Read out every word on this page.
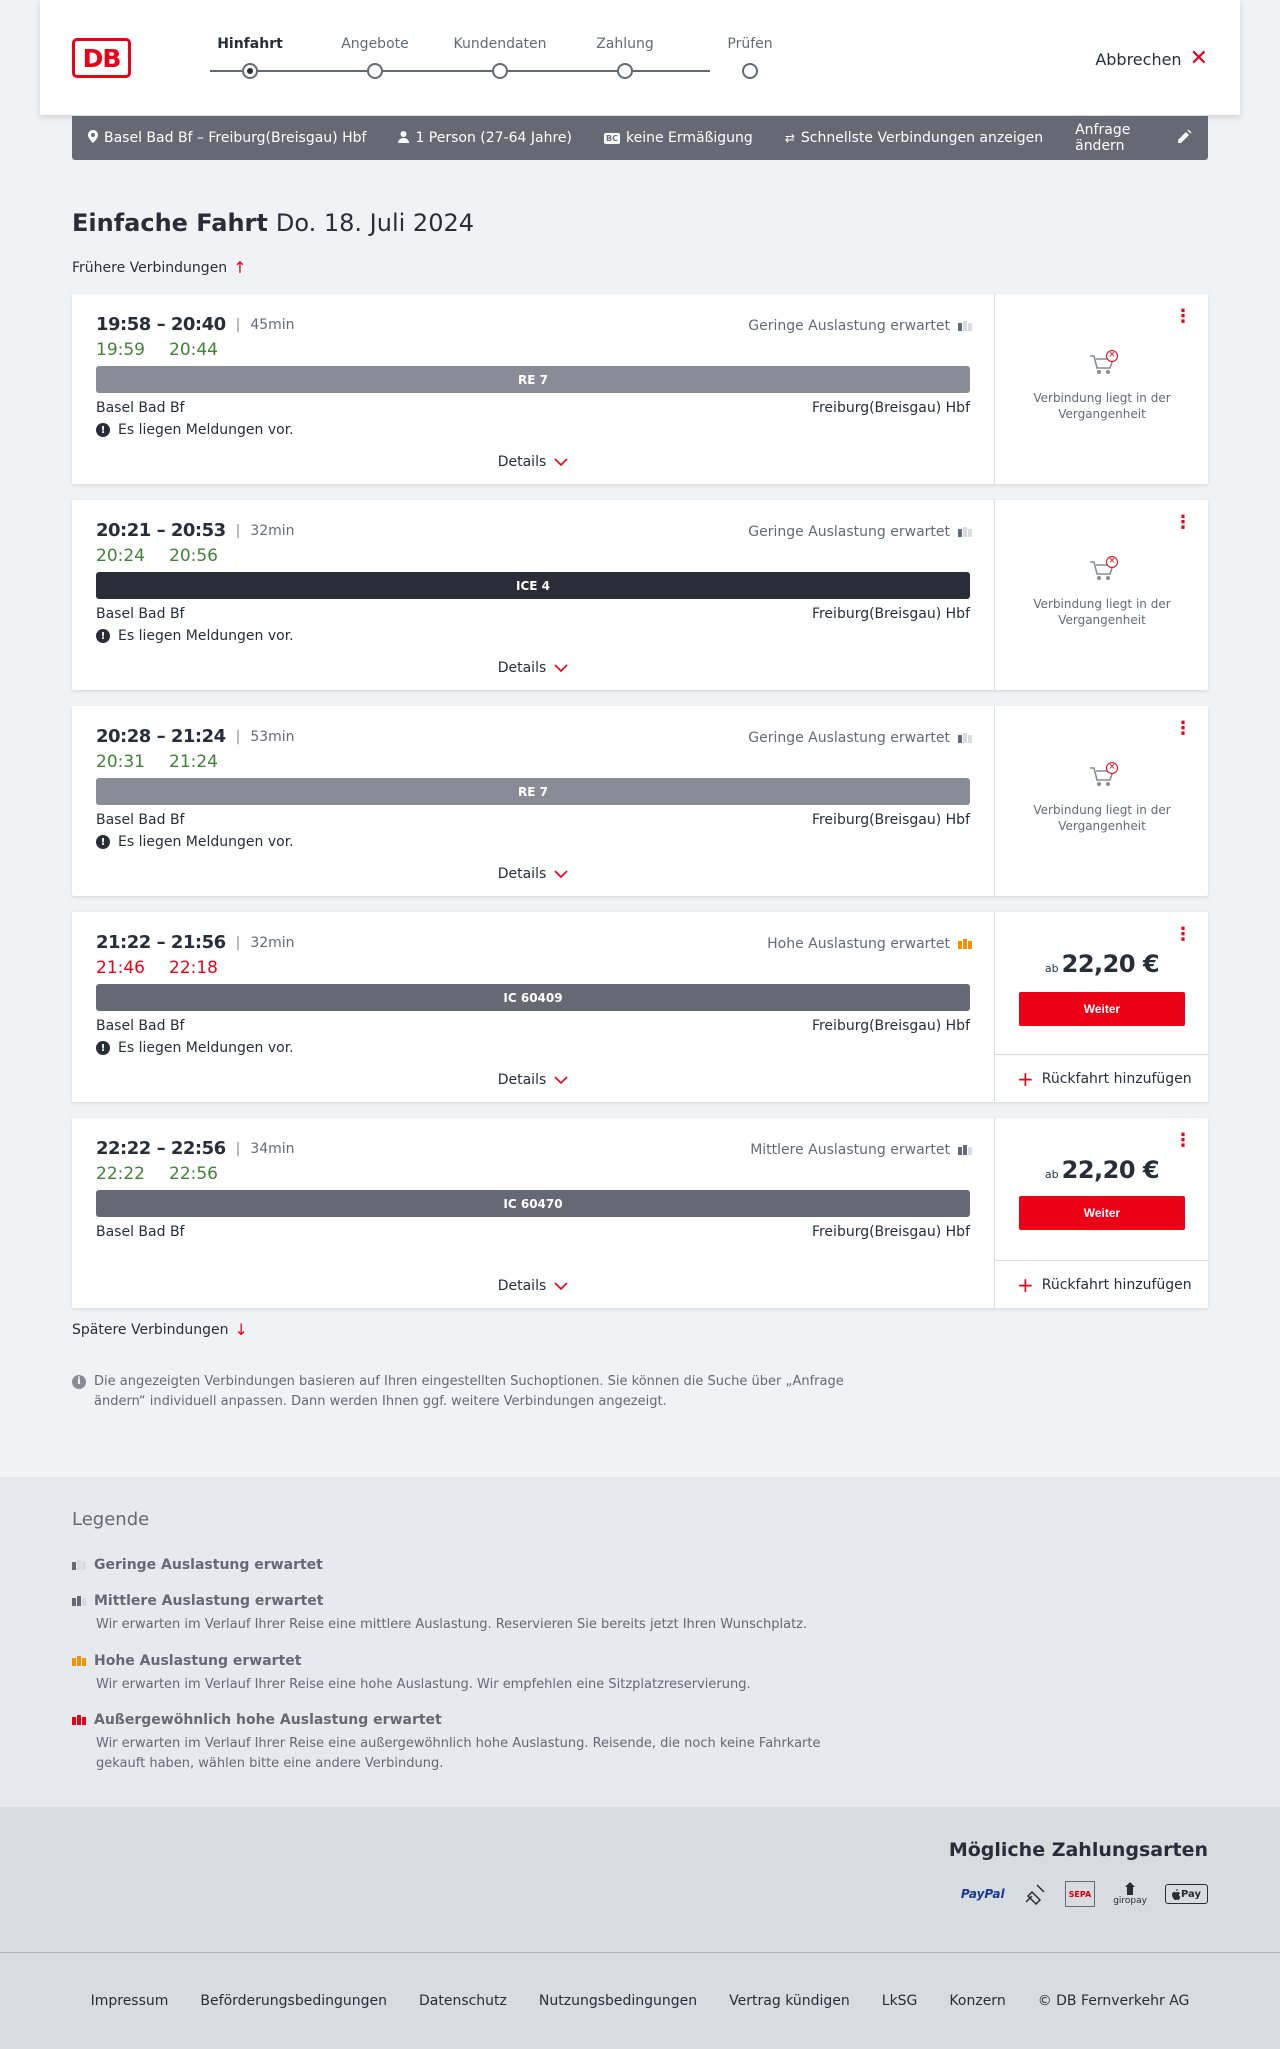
DB	Hinfahrt	Angebote	Kundendaten	Zahlung	Prüfen
Abbrechen ✕
Basel Bad Bf – Freiburg(Breisgau) Hbf	1 Person (27-64 Jahre)	BC keine Ermäßigung	⇄ Schnellste Verbindungen anzeigen Anfrage ändern
Einfache Fahrt Do. 18. Juli 2024
Frühere Verbindungen ↑
19:58 – 20:40 | 45min
19:59 20:44
Geringe Auslastung erwartet
RE 7
Basel Bad Bf	Freiburg(Breisgau) Hbf
! Es liegen Meldungen vor.
Details
⋮
×
Verbindung liegt in der Vergangenheit
20:21 – 20:53 | 32min
20:24 20:56
Geringe Auslastung erwartet
ICE 4
Basel Bad Bf	Freiburg(Breisgau) Hbf
! Es liegen Meldungen vor.
Details
⋮
×
Verbindung liegt in der Vergangenheit
20:28 – 21:24 | 53min
20:31 21:24
Geringe Auslastung erwartet
RE 7
Basel Bad Bf	Freiburg(Breisgau) Hbf
! Es liegen Meldungen vor.
Details
⋮
×
Verbindung liegt in der Vergangenheit
21:22 – 21:56 | 32min
21:46 22:18
Hohe Auslastung erwartet
IC 60409
Basel Bad Bf	Freiburg(Breisgau) Hbf
! Es liegen Meldungen vor.
Details
⋮
ab 22,20 €
Weiter
+ Rückfahrt hinzufügen
22:22 – 22:56 | 34min
22:22 22:56
Mittlere Auslastung erwartet
IC 60470
Basel Bad Bf	Freiburg(Breisgau) Hbf
Details
⋮
ab 22,20 €
Weiter
+ Rückfahrt hinzufügen
Spätere Verbindungen ↓
i	Die angezeigten Verbindungen basieren auf Ihren eingestellten Suchoptionen. Sie können die Suche über „Anfrage ändern“ individuell anpassen. Dann werden Ihnen ggf. weitere Verbindungen angezeigt.
Legende
Geringe Auslastung erwartet
Mittlere Auslastung erwartet
Wir erwarten im Verlauf Ihrer Reise eine mittlere Auslastung. Reservieren Sie bereits jetzt Ihren Wunschplatz.
Hohe Auslastung erwartet
Wir erwarten im Verlauf Ihrer Reise eine hohe Auslastung. Wir empfehlen eine Sitzplatzreservierung.
Außergewöhnlich hohe Auslastung erwartet
Wir erwarten im Verlauf Ihrer Reise eine außergewöhnlich hohe Auslastung. Reisende, die noch keine Fahrkarte gekauft haben, wählen bitte eine andere Verbindung.
Mögliche Zahlungsarten
PayPal	SEPA
giropay
Pay
Impressum Beförderungsbedingungen Datenschutz Nutzungsbedingungen Vertrag kündigen LkSG Konzern © DB Fernverkehr AG
